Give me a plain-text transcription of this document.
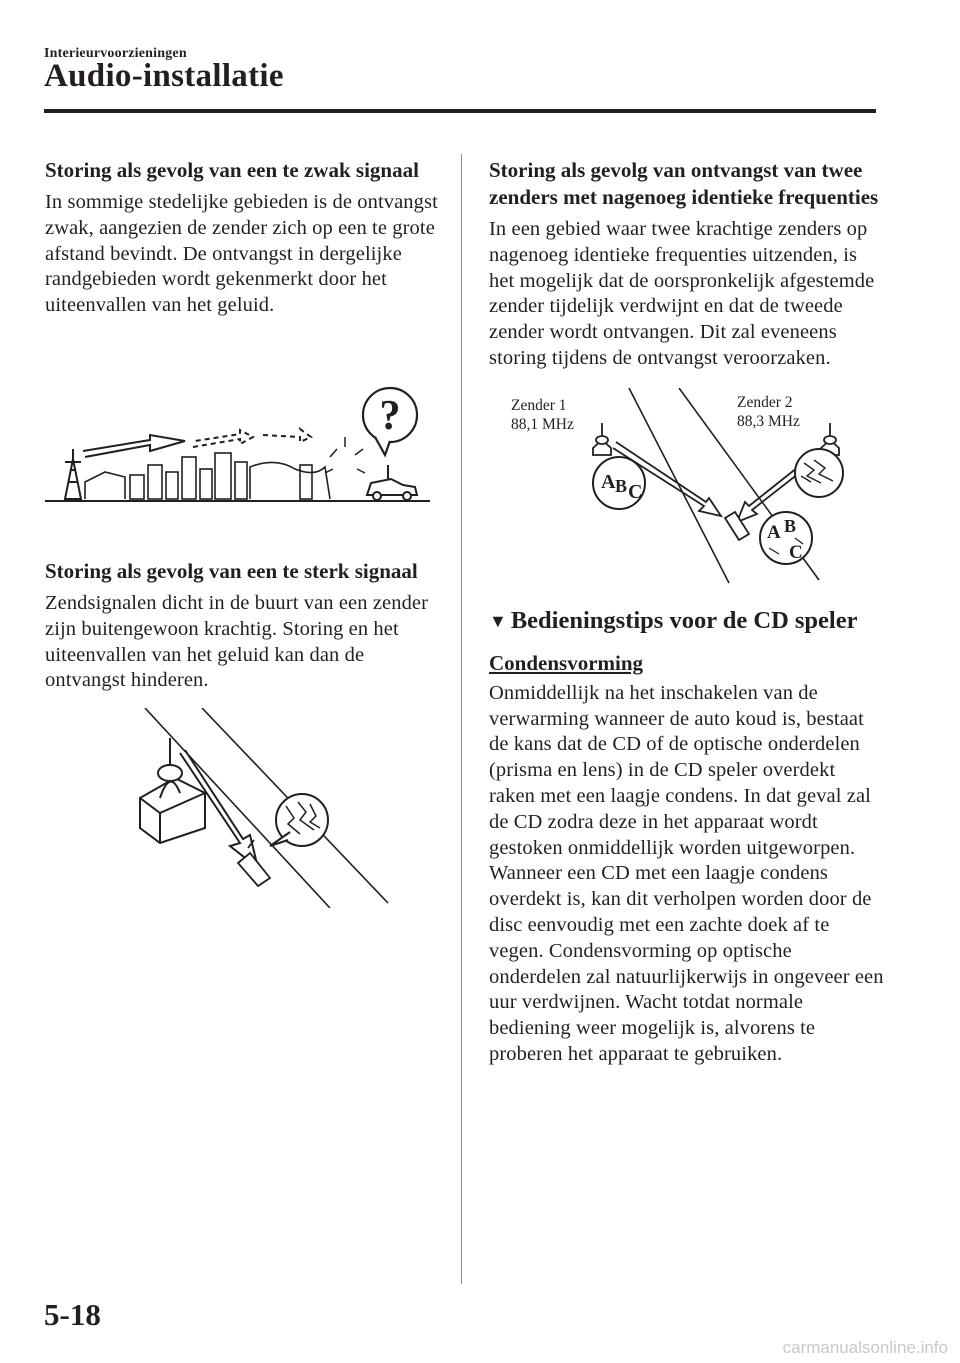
Interieurvoorzieningen
Audio-installatie
Storing als gevolg van een te zwak signaal

In sommige stedelijke gebieden is de ontvangst zwak, aangezien de zender zich op een te grote afstand bevindt. De ontvangst in dergelijke randgebieden wordt gekenmerkt door het uiteenvallen van het geluid.

?
Storing als gevolg van een te sterk signaal

Zendsignalen dicht in de buurt van een zender zijn buitengewoon krachtig. Storing en het uiteenvallen van het geluid kan dan de ontvangst hinderen.

Storing als gevolg van ontvangst van twee zenders met nagenoeg identieke frequenties

In een gebied waar twee krachtige zenders op nagenoeg identieke frequenties uitzenden, is het mogelijk dat de oorspronkelijk afgestemde zender tijdelijk verdwijnt en dat de tweede zender wordt ontvangen. Dit zal eveneens storing tijdens de ontvangst veroorzaken.

Zender 1
88,1 MHz
Zender 2
88,3 MHz
A B C
A B
C
▼ Bedieningstips voor de CD speler
Condensvorming

Onmiddellijk na het inschakelen van de verwarming wanneer de auto koud is, bestaat de kans dat de CD of de optische onderdelen (prisma en lens) in de CD speler overdekt raken met een laagje condens. In dat geval zal de CD zodra deze in het apparaat wordt gestoken onmiddellijk worden uitgeworpen. Wanneer een CD met een laagje condens overdekt is, kan dit verholpen worden door de disc eenvoudig met een zachte doek af te vegen. Condensvorming op optische onderdelen zal natuurlijkerwijs in ongeveer een uur verdwijnen. Wacht totdat normale bediening weer mogelijk is, alvorens te proberen het apparaat te gebruiken.

5-18
carmanualsonline.info
